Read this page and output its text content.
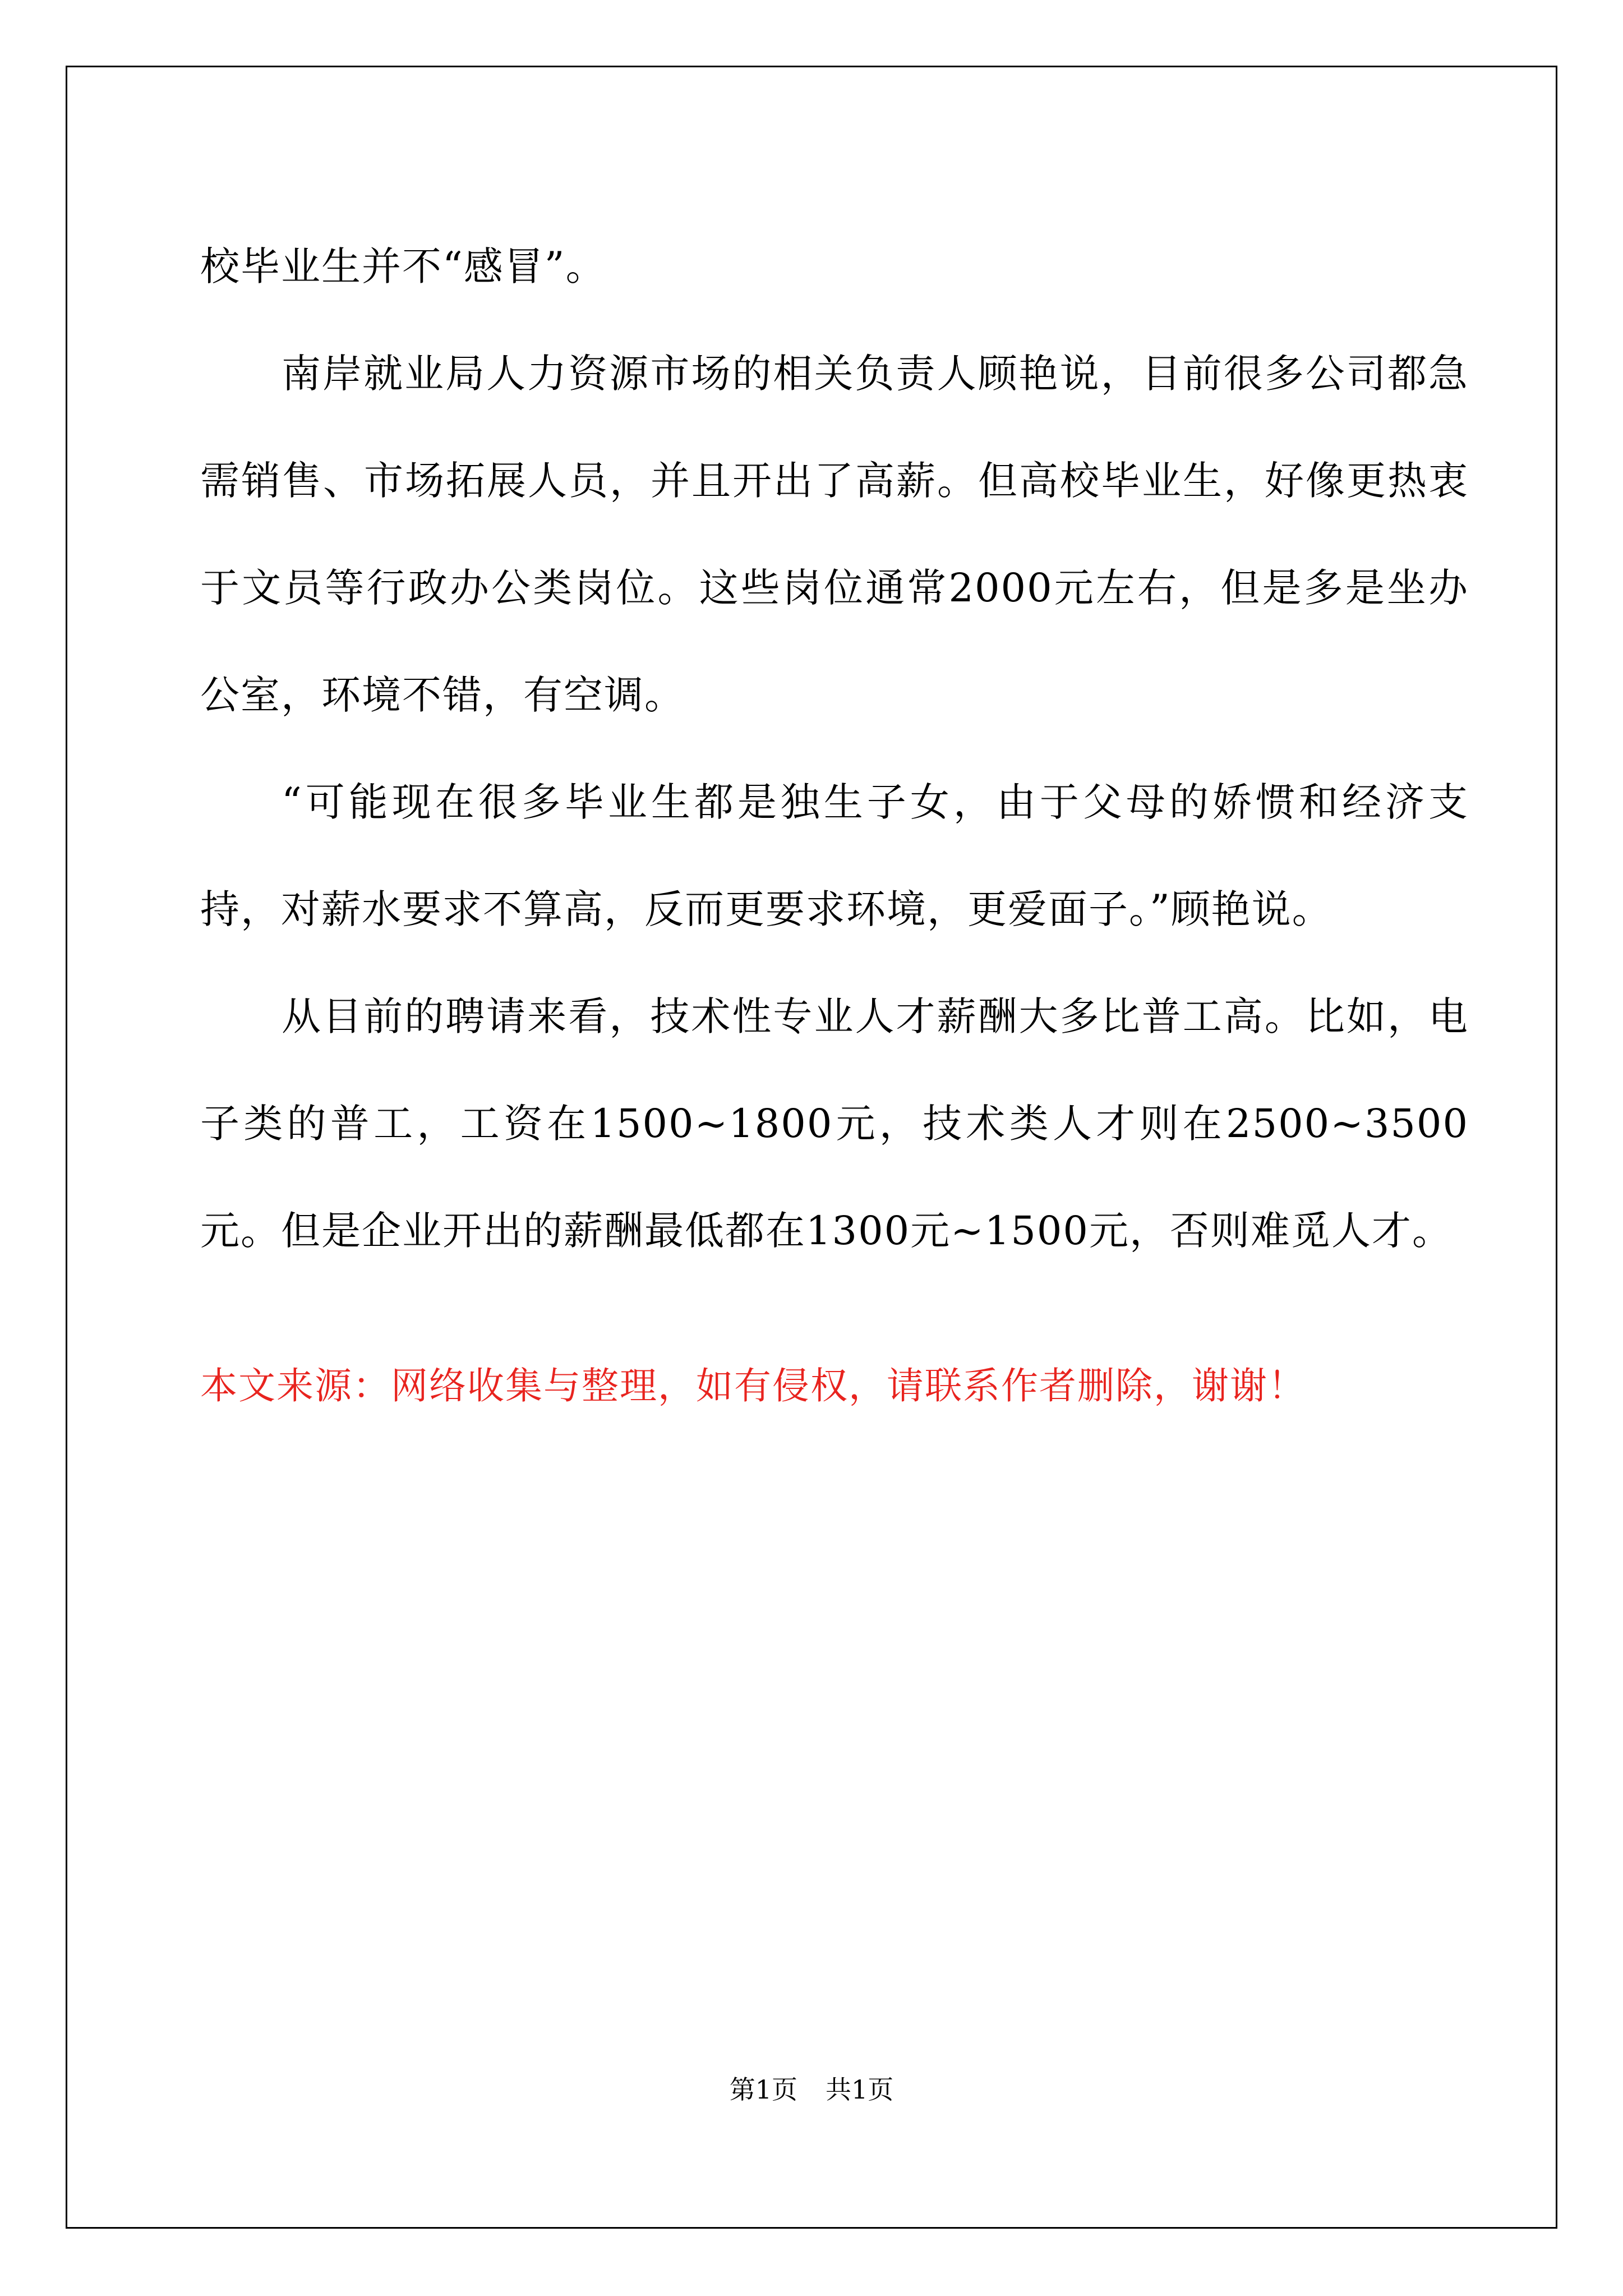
校毕业生并不“感冒”。

南岸就业局人力资源市场的相关负责人顾艳说，目前很多公司都急需销售、市场拓展人员，并且开出了高薪。但高校毕业生，好像更热衷于文员等行政办公类岗位。这些岗位通常2000元左右，但是多是坐办公室，环境不错，有空调。

“可能现在很多毕业生都是独生子女，由于父母的娇惯和经济支持，对薪水要求不算高，反而更要求环境，更爱面子。”顾艳说。

从目前的聘请来看，技术性专业人才薪酬大多比普工高。比如，电子类的普工，工资在1500~1800元，技术类人才则在2500~3500元。但是企业开出的薪酬最低都在1300元~1500元，否则难觅人才。

本文来源：网络收集与整理，如有侵权，请联系作者删除，谢谢！

第1页 共1页
